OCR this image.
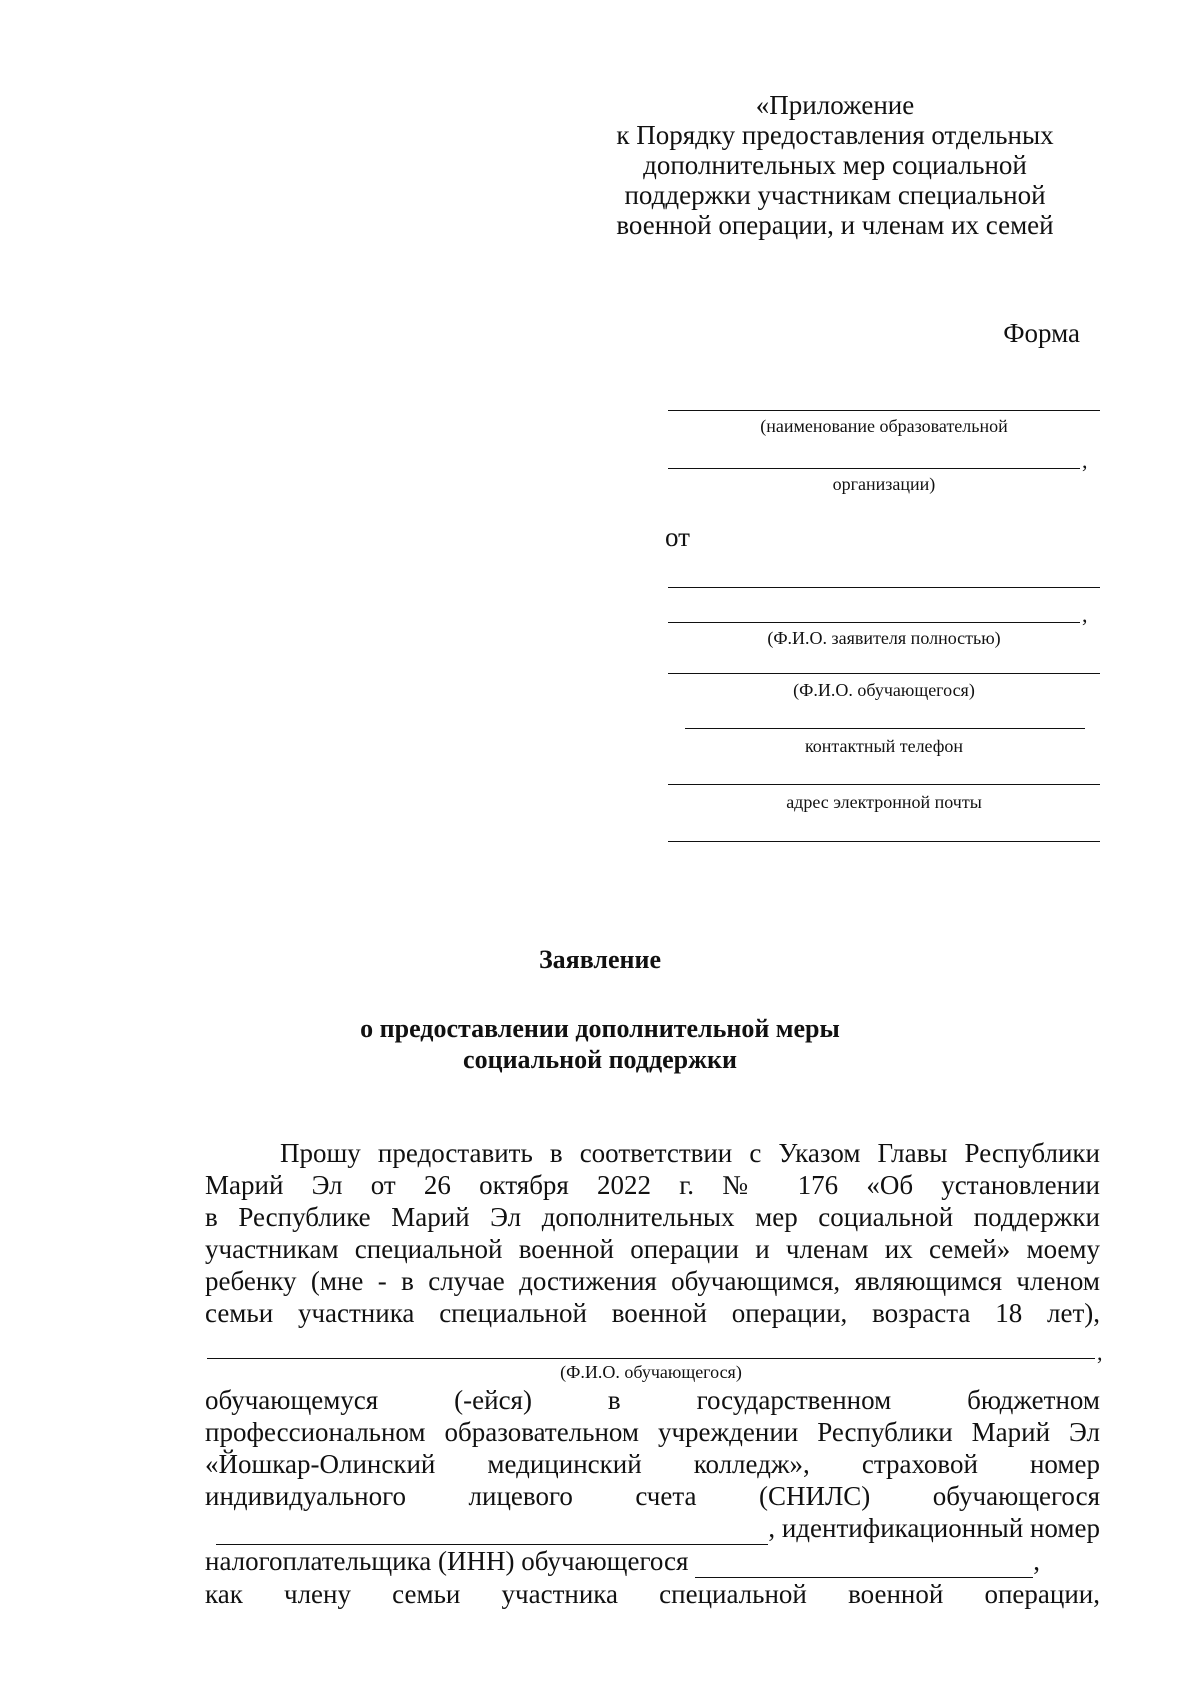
«Приложение
к Порядку предоставления отдельных
дополнительных мер социальной
поддержки участникам специальной
военной операции, и членам их семей
Форма
(наименование образовательной
,
организации)
от
,
(Ф.И.О. заявителя полностью)
(Ф.И.О. обучающегося)
контактный телефон
адрес электронной почты
Заявление
о предоставлении дополнительной меры
социальной поддержки
Прошу предоставить в соответствии с Указом Главы Республики
Марий Эл от 26 октября 2022 г. № 176 «Об установлении
в Республике Марий Эл дополнительных мер социальной поддержки
участникам специальной военной операции и членам их семей» моему
ребенку (мне - в случае достижения обучающимся, являющимся членом
семьи участника специальной военной операции, возраста 18 лет),
,
(Ф.И.О. обучающегося)
обучающемуся (-ейся) в государственном бюджетном
профессиональном образовательном учреждении Республики Марий Эл
«Йошкар-Олинский медицинский колледж», страховой номер
индивидуального лицевого счета (СНИЛС) обучающегося
, идентификационный номер
налогоплательщика (ИНН) обучающегося	,
как члену семьи участника специальной военной операции,
